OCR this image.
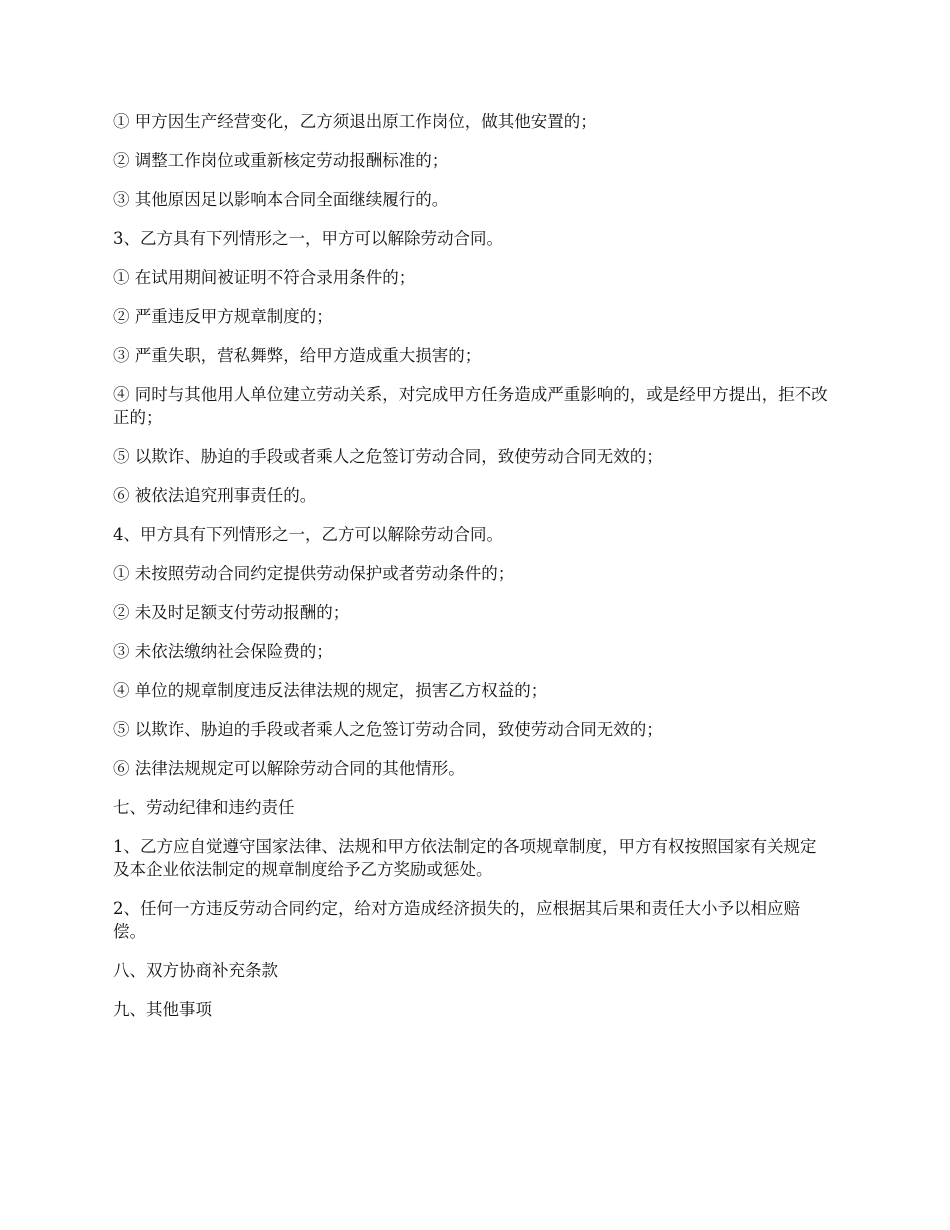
① 甲方因生产经营变化，乙方须退出原工作岗位，做其他安置的；

② 调整工作岗位或重新核定劳动报酬标准的；

③ 其他原因足以影响本合同全面继续履行的。

3、乙方具有下列情形之一，甲方可以解除劳动合同。

① 在试用期间被证明不符合录用条件的；

② 严重违反甲方规章制度的；

③ 严重失职，营私舞弊，给甲方造成重大损害的；

④ 同时与其他用人单位建立劳动关系，对完成甲方任务造成严重影响的，或是经甲方提出，拒不改正的；

⑤ 以欺诈、胁迫的手段或者乘人之危签订劳动合同，致使劳动合同无效的；

⑥ 被依法追究刑事责任的。

4、甲方具有下列情形之一，乙方可以解除劳动合同。

① 未按照劳动合同约定提供劳动保护或者劳动条件的；

② 未及时足额支付劳动报酬的；

③ 未依法缴纳社会保险费的；

④ 单位的规章制度违反法律法规的规定，损害乙方权益的；

⑤ 以欺诈、胁迫的手段或者乘人之危签订劳动合同，致使劳动合同无效的；

⑥ 法律法规规定可以解除劳动合同的其他情形。

七、劳动纪律和违约责任

1、乙方应自觉遵守国家法律、法规和甲方依法制定的各项规章制度，甲方有权按照国家有关规定及本企业依法制定的规章制度给予乙方奖励或惩处。

2、任何一方违反劳动合同约定，给对方造成经济损失的，应根据其后果和责任大小予以相应赔偿。

八、双方协商补充条款

九、其他事项
